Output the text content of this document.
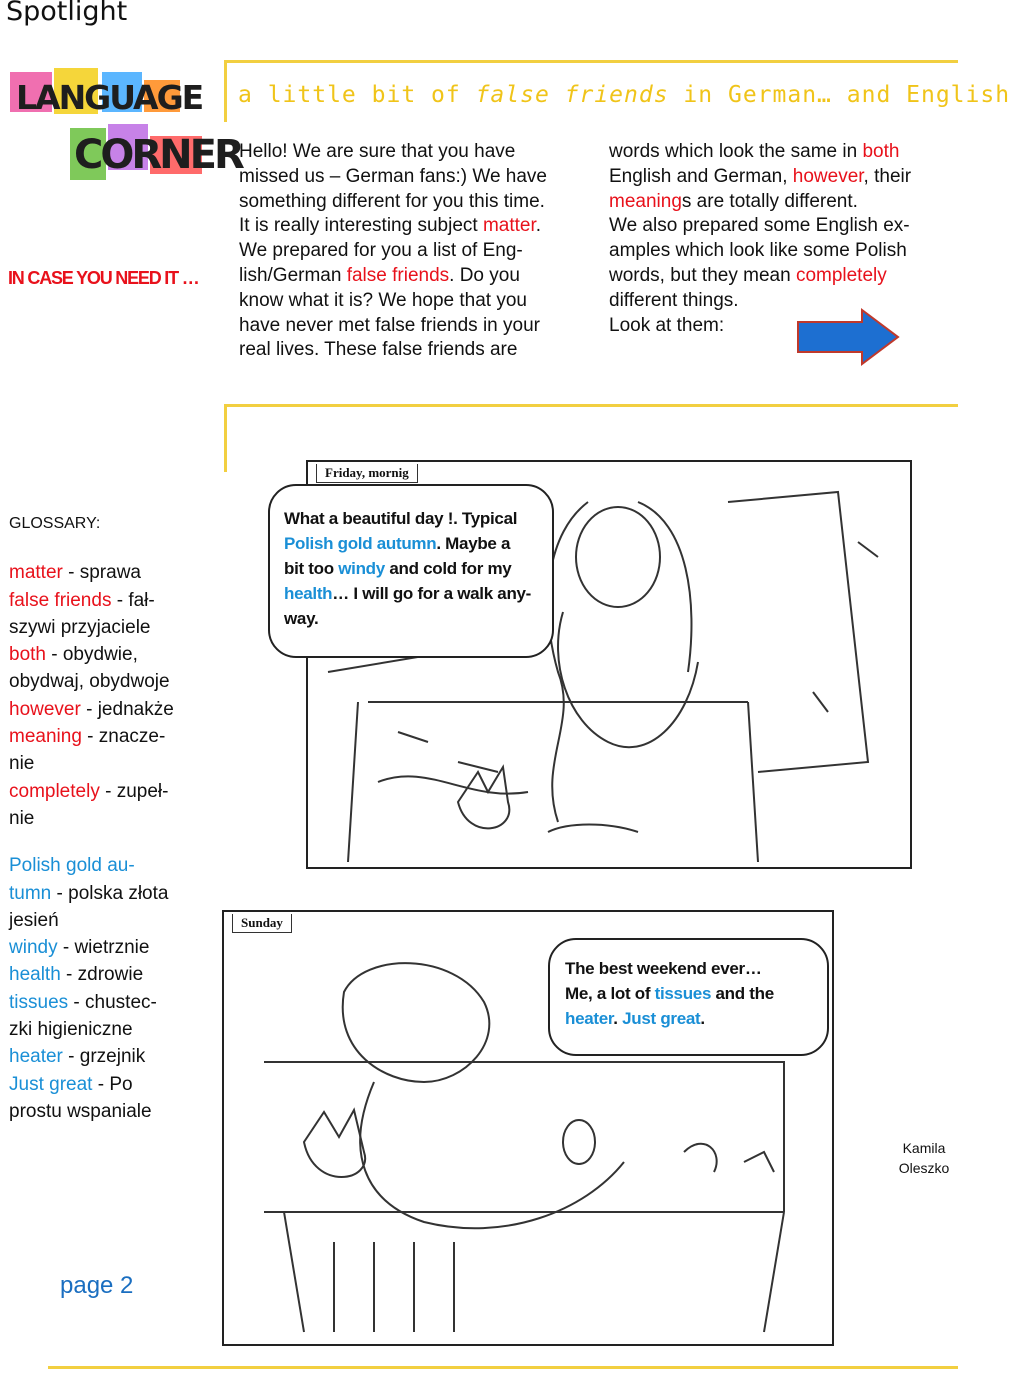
Spotlight
LANGUAGE
CORNER
IN CASE YOU NEED IT …
a little bit of false friends in German… and English
Hello! We are sure that you have
missed us – German fans:) We have
something different for you this time.
It is really interesting subject matter.
We prepared for you a list of Eng-
lish/German false friends. Do you
know what it is? We hope that you
have never met false friends in your
real lives. These false friends are
words which look the same in both
English and German, however, their
meanings are totally different.
We also prepared some English ex-
amples which look like some Polish
words, but they mean completely
different things.
Look at them:
Friday, mornig
What a beautiful day !. Typical
Polish gold autumn. Maybe a
bit too windy and cold for my
health… I will go for a walk any-
way.
Sunday
The best weekend ever…
Me, a lot of tissues and the
heater. Just great.
GLOSSARY:
matter - sprawa
false friends - fał-
szywi przyjaciele
both - obydwie,
obydwaj, obydwoje
however - jednakże
meaning - znacze-
nie
completely - zupeł-
nie
Polish gold au-
tumn - polska złota
jesień
windy - wietrznie
health - zdrowie
tissues - chustec-
zki higieniczne
heater - grzejnik
Just great - Po
prostu wspaniale
Kamila
Oleszko
page 2
